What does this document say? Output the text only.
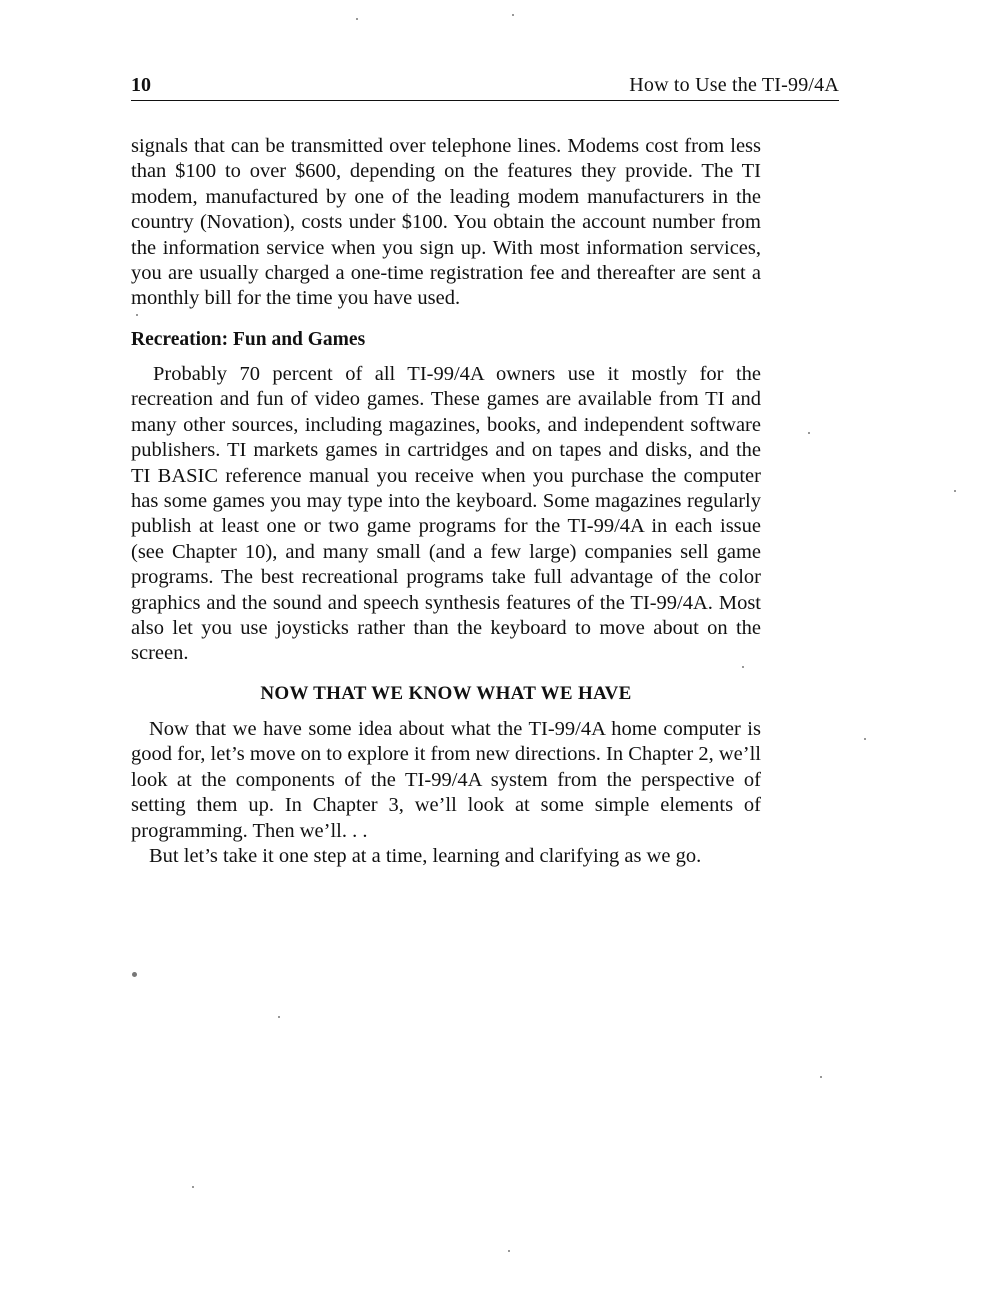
10	How to Use the TI-99/4A

signals that can be transmitted over telephone lines. Modems cost from less than $100 to over $600, depending on the features they provide. The TI modem, manufactured by one of the leading modem manufacturers in the country (Novation), costs under $100. You obtain the account number from the information service when you sign up. With most information services, you are usually charged a one-time registration fee and thereafter are sent a monthly bill for the time you have used.

Recreation: Fun and Games

Probably 70 percent of all TI-99/4A owners use it mostly for the recreation and fun of video games. These games are available from TI and many other sources, including magazines, books, and independent software publishers. TI markets games in cartridges and on tapes and disks, and the TI BASIC reference manual you receive when you purchase the computer has some games you may type into the keyboard. Some magazines regularly publish at least one or two game programs for the TI-99/4A in each issue (see Chapter 10), and many small (and a few large) companies sell game programs. The best recreational programs take full advantage of the color graphics and the sound and speech synthesis features of the TI-99/4A. Most also let you use joysticks rather than the keyboard to move about on the screen.

NOW THAT WE KNOW WHAT WE HAVE

Now that we have some idea about what the TI-99/4A home computer is good for, let’s move on to explore it from new directions. In Chapter 2, we’ll look at the components of the TI-99/4A system from the perspective of setting them up. In Chapter 3, we’ll look at some simple elements of programming. Then we’ll. . .

But let’s take it one step at a time, learning and clarifying as we go.
